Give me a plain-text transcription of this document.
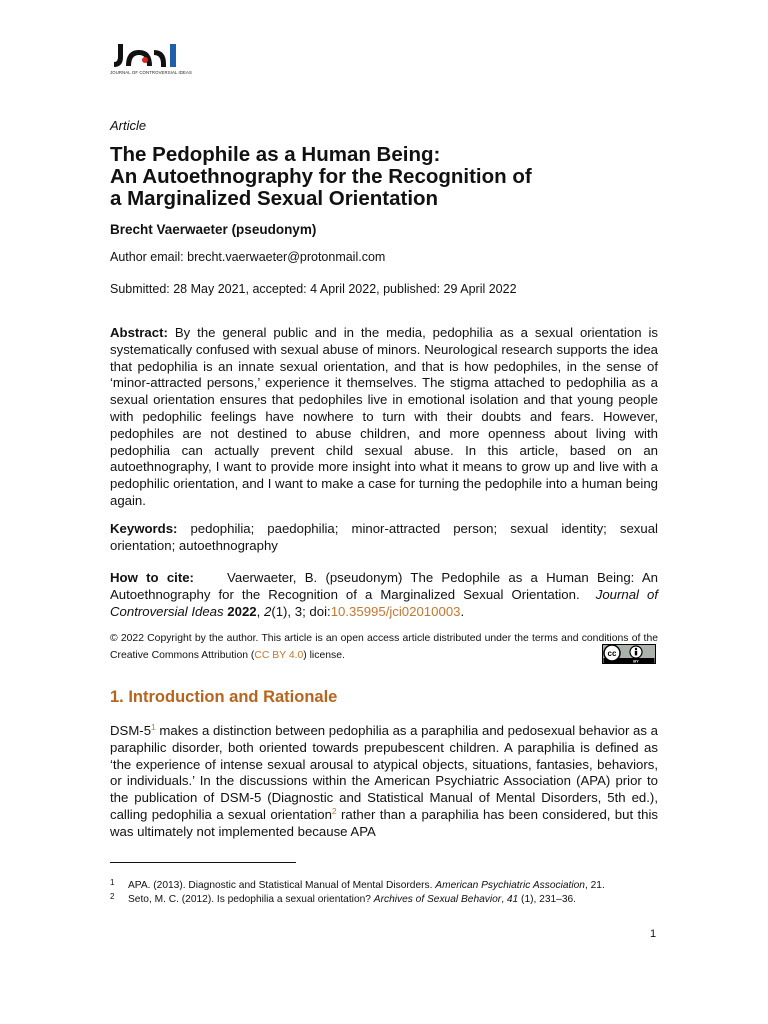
JOURNAL OF CONTROVERSIAL IDEAS
Article
The Pedophile as a Human Being:
An Autoethnography for the Recognition of
a Marginalized Sexual Orientation
Brecht Vaerwaeter (pseudonym)
Author email: brecht.vaerwaeter@protonmail.com
Submitted: 28 May 2021, accepted: 4 April 2022, published: 29 April 2022

Abstract: By the general public and in the media, pedophilia as a sexual orientation is systematically confused with sexual abuse of minors. Neurological research supports the idea that pedophilia is an innate sexual orientation, and that is how pedophiles, in the sense of ‘minor-attracted persons,’ experience it themselves. The stigma attached to pedophilia as a sexual orientation ensures that pedophiles live in emotional isolation and that young people with pedophilic feelings have nowhere to turn with their doubts and fears. However, pedophiles are not destined to abuse children, and more openness about living with pedophilia can actually prevent child sexual abuse. In this article, based on an autoethnography, I want to provide more insight into what it means to grow up and live with a pedophilic orientation, and I want to make a case for turning the pedophile into a human being again.

Keywords: pedophilia; paedophilia; minor-attracted person; sexual identity; sexual orientation; autoethnography

How to cite:	Vaerwaeter, B. (pseudonym) The Pedophile as a Human Being: An Autoethnography for the Recognition of a Marginalized Sexual Orientation. Journal of Controversial Ideas 2022, 2(1), 3; doi:10.35995/jci02010003.

© 2022 Copyright by the author. This article is an open access article distributed under the terms and conditions of the Creative Commons Attribution (CC BY 4.0) license.	cc
BY
1. Introduction and Rationale

DSM-$5^1$ makes a distinction between pedophilia as a paraphilia and pedosexual behavior as a paraphilic disorder, both oriented towards prepubescent children. A paraphilia is defined as ‘the experience of intense sexual arousal to atypical objects, situations, fantasies, behaviors, or individuals.’ In the discussions within the American Psychiatric Association (APA) prior to the publication of DSM-5 (Diagnostic and Statistical Manual of Mental Disorders, 5th ed.), calling pedophilia a sexual orientation$^2$ rather than a paraphilia has been considered, but this was ultimately not implemented because APA

1 APA. (2013). Diagnostic and Statistical Manual of Mental Disorders. American Psychiatric Association, 21.
2 Seto, M. C. (2012). Is pedophilia a sexual orientation? Archives of Sexual Behavior, 41 (1), 231–36.
1
